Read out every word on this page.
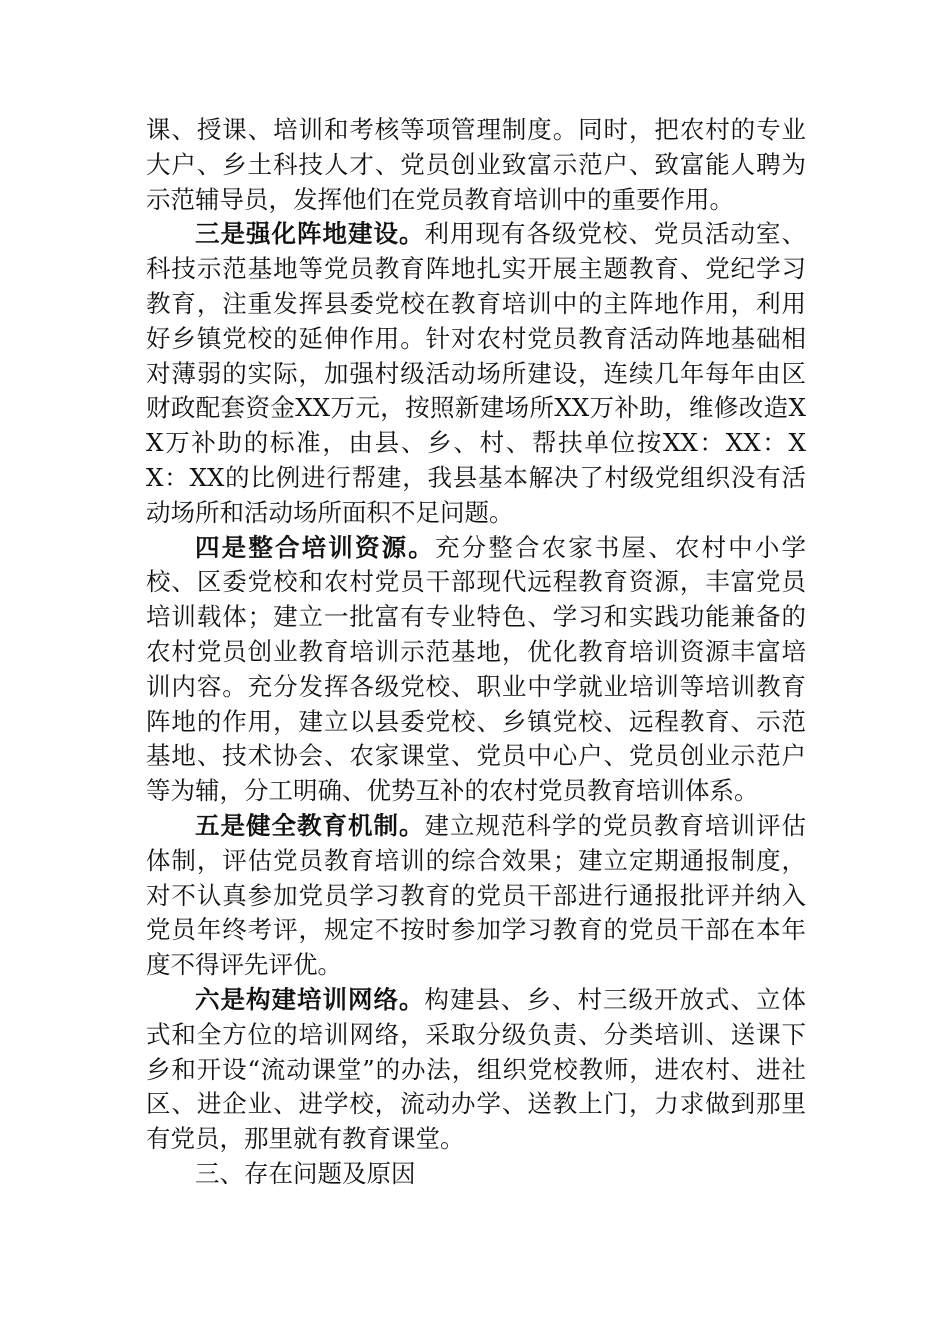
课、授课、培训和考核等项管理制度。同时，把农村的专业大户、乡土科技人才、党员创业致富示范户、致富能人聘为示范辅导员，发挥他们在党员教育培训中的重要作用。

三是强化阵地建设。利用现有各级党校、党员活动室、科技示范基地等党员教育阵地扎实开展主题教育、党纪学习教育，注重发挥县委党校在教育培训中的主阵地作用，利用好乡镇党校的延伸作用。针对农村党员教育活动阵地基础相对薄弱的实际，加强村级活动场所建设，连续几年每年由区财政配套资金XX万元，按照新建场所XX万补助，维修改造XX万补助的标准，由县、乡、村、帮扶单位按XX：XX：XX：XX的比例进行帮建，我县基本解决了村级党组织没有活动场所和活动场所面积不足问题。

四是整合培训资源。充分整合农家书屋、农村中小学校、区委党校和农村党员干部现代远程教育资源，丰富党员培训载体；建立一批富有专业特色、学习和实践功能兼备的农村党员创业教育培训示范基地，优化教育培训资源丰富培训内容。充分发挥各级党校、职业中学就业培训等培训教育阵地的作用，建立以县委党校、乡镇党校、远程教育、示范基地、技术协会、农家课堂、党员中心户、党员创业示范户等为辅，分工明确、优势互补的农村党员教育培训体系。

五是健全教育机制。建立规范科学的党员教育培训评估体制，评估党员教育培训的综合效果；建立定期通报制度，对不认真参加党员学习教育的党员干部进行通报批评并纳入党员年终考评，规定不按时参加学习教育的党员干部在本年度不得评先评优。

六是构建培训网络。构建县、乡、村三级开放式、立体式和全方位的培训网络，采取分级负责、分类培训、送课下乡和开设“流动课堂”的办法，组织党校教师，进农村、进社区、进企业、进学校，流动办学、送教上门，力求做到那里有党员，那里就有教育课堂。

三、存在问题及原因
